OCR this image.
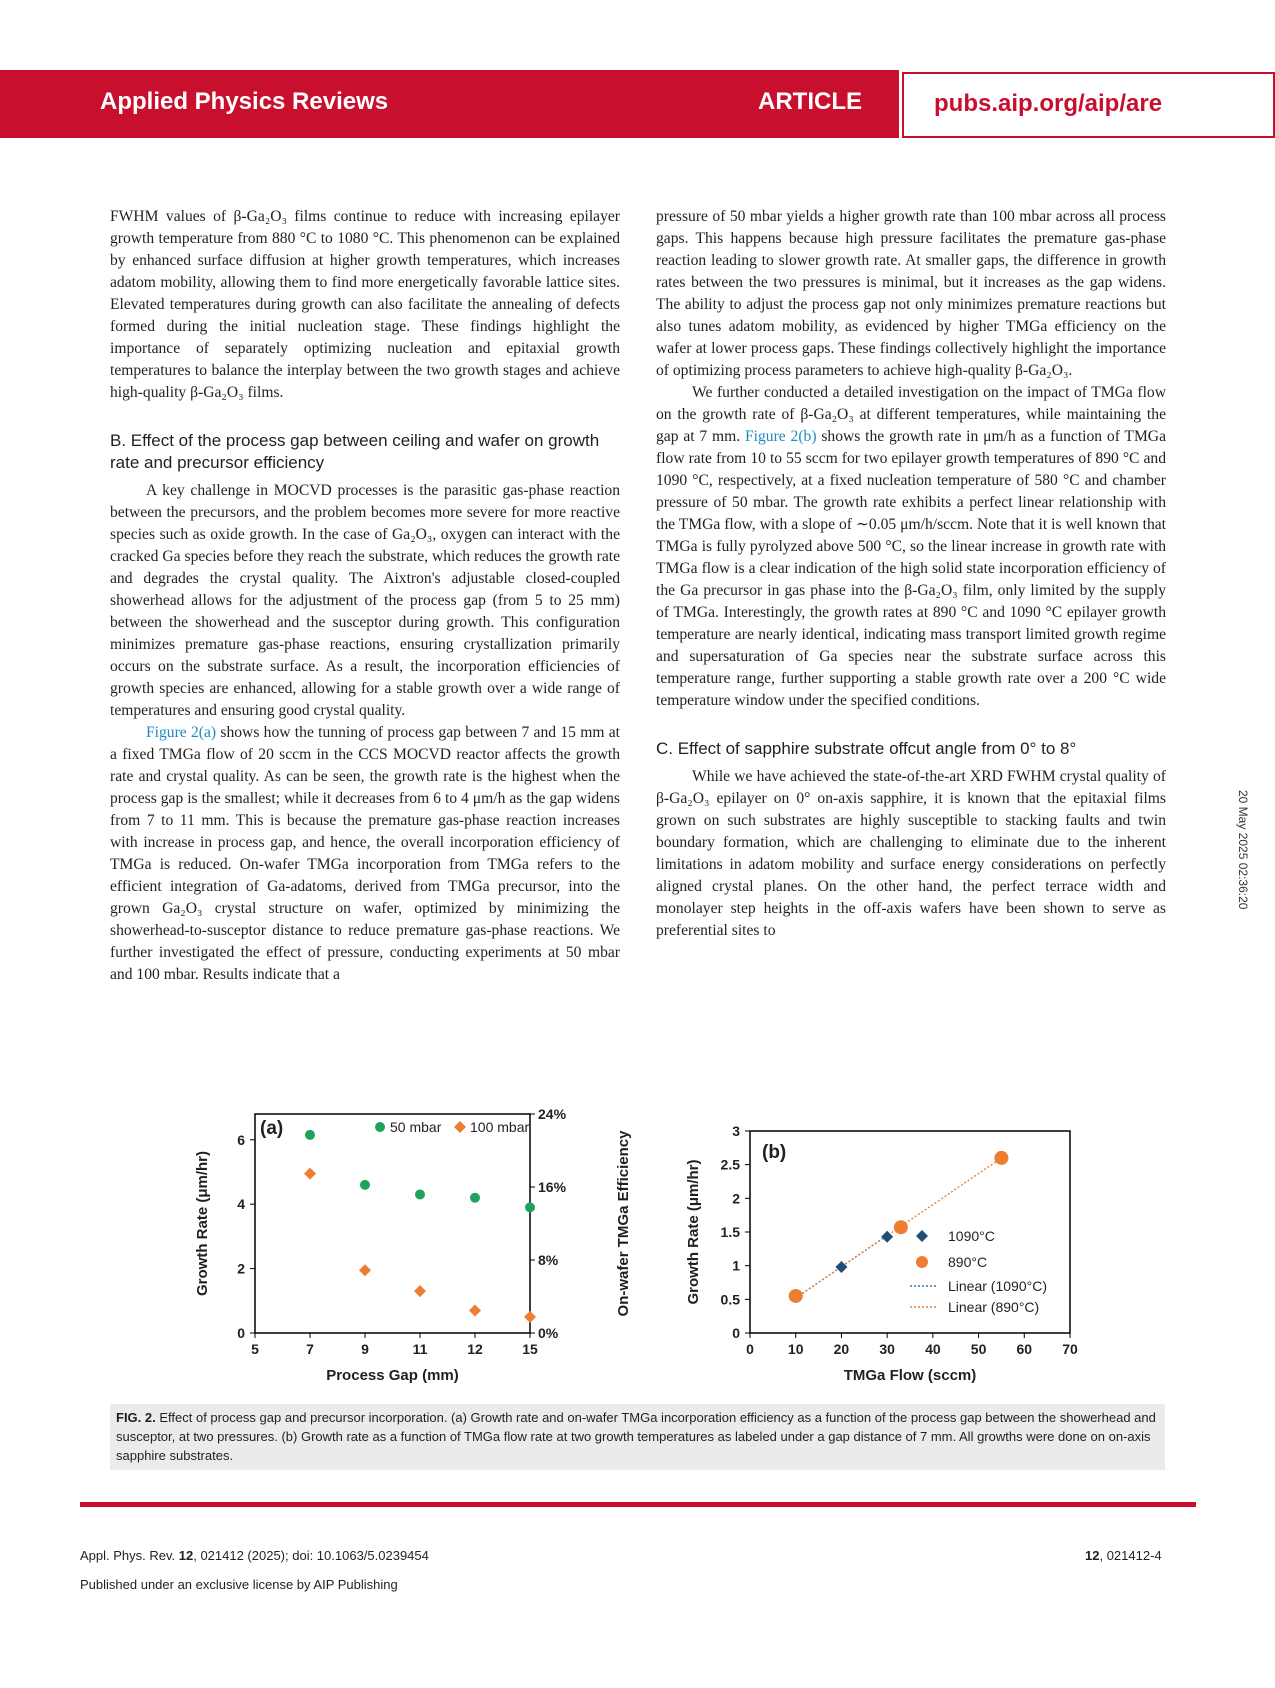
Applied Physics Reviews	ARTICLE	pubs.aip.org/aip/are

FWHM values of β-Ga₂O₃ films continue to reduce with increasing epilayer growth temperature from 880 °C to 1080 °C. This phenomenon can be explained by enhanced surface diffusion at higher growth temperatures, which increases adatom mobility, allowing them to find more energetically favorable lattice sites. Elevated temperatures during growth can also facilitate the annealing of defects formed during the initial nucleation stage. These findings highlight the importance of separately optimizing nucleation and epitaxial growth temperatures to balance the interplay between the two growth stages and achieve high-quality β-Ga₂O₃ films.

B. Effect of the process gap between ceiling and wafer on growth rate and precursor efficiency

A key challenge in MOCVD processes is the parasitic gas-phase reaction between the precursors, and the problem becomes more severe for more reactive species such as oxide growth. In the case of Ga₂O₃, oxygen can interact with the cracked Ga species before they reach the substrate, which reduces the growth rate and degrades the crystal quality. The Aixtron's adjustable closed-coupled showerhead allows for the adjustment of the process gap (from 5 to 25 mm) between the showerhead and the susceptor during growth. This configuration minimizes premature gas-phase reactions, ensuring crystallization primarily occurs on the substrate surface. As a result, the incorporation efficiencies of growth species are enhanced, allowing for a stable growth over a wide range of temperatures and ensuring good crystal quality.

Figure 2(a) shows how the tunning of process gap between 7 and 15 mm at a fixed TMGa flow of 20 sccm in the CCS MOCVD reactor affects the growth rate and crystal quality. As can be seen, the growth rate is the highest when the process gap is the smallest; while it decreases from 6 to 4 μm/h as the gap widens from 7 to 11 mm. This is because the premature gas-phase reaction increases with increase in process gap, and hence, the overall incorporation efficiency of TMGa is reduced. On-wafer TMGa incorporation from TMGa refers to the efficient integration of Ga-adatoms, derived from TMGa precursor, into the grown Ga₂O₃ crystal structure on wafer, optimized by minimizing the showerhead-to-susceptor distance to reduce premature gas-phase reactions. We further investigated the effect of pressure, conducting experiments at 50 mbar and 100 mbar. Results indicate that a

pressure of 50 mbar yields a higher growth rate than 100 mbar across all process gaps. This happens because high pressure facilitates the premature gas-phase reaction leading to slower growth rate. At smaller gaps, the difference in growth rates between the two pressures is minimal, but it increases as the gap widens. The ability to adjust the process gap not only minimizes premature reactions but also tunes adatom mobility, as evidenced by higher TMGa efficiency on the wafer at lower process gaps. These findings collectively highlight the importance of optimizing process parameters to achieve high-quality β-Ga₂O₃.

We further conducted a detailed investigation on the impact of TMGa flow on the growth rate of β-Ga₂O₃ at different temperatures, while maintaining the gap at 7 mm. Figure 2(b) shows the growth rate in μm/h as a function of TMGa flow rate from 10 to 55 sccm for two epilayer growth temperatures of 890 °C and 1090 °C, respectively, at a fixed nucleation temperature of 580 °C and chamber pressure of 50 mbar. The growth rate exhibits a perfect linear relationship with the TMGa flow, with a slope of ∼0.05 μm/h/sccm. Note that it is well known that TMGa is fully pyrolyzed above 500 °C, so the linear increase in growth rate with TMGa flow is a clear indication of the high solid state incorporation efficiency of the Ga precursor in gas phase into the β-Ga₂O₃ film, only limited by the supply of TMGa. Interestingly, the growth rates at 890 °C and 1090 °C epilayer growth temperature are nearly identical, indicating mass transport limited growth regime and supersaturation of Ga species near the substrate surface across this temperature range, further supporting a stable growth rate over a 200 °C wide temperature window under the specified conditions.

C. Effect of sapphire substrate offcut angle from 0° to 8°

While we have achieved the state-of-the-art XRD FWHM crystal quality of β-Ga₂O₃ epilayer on 0° on-axis sapphire, it is known that the epitaxial films grown on such substrates are highly susceptible to stacking faults and twin boundary formation, which are challenging to eliminate due to the inherent limitations in adatom mobility and surface energy considerations on perfectly aligned crystal planes. On the other hand, the perfect terrace width and monolayer step heights in the off-axis wafers have been shown to serve as preferential sites to

20 May 2025 02:36:20
5	7	9	11	12	15
0
2
4
6
0%
8%
16%
24%
Process Gap (mm)
Growth Rate (μm/hr)	On-wafer TMGa Efficiency
(a)	50 mbar 100 mbar
0 10 20 30 40 50 60 70
0
0.5
1
1.5
2
2.5
3
TMGa Flow (sccm)
Growth Rate (μm/hr)
(b)
1090°C
890°C
Linear (1090°C)
Linear (890°C)
FIG. 2. Effect of process gap and precursor incorporation. (a) Growth rate and on-wafer TMGa incorporation efficiency as a function of the process gap between the showerhead and susceptor, at two pressures. (b) Growth rate as a function of TMGa flow rate at two growth temperatures as labeled under a gap distance of 7 mm. All growths were done on on-axis sapphire substrates.
Appl. Phys. Rev. 12, 021412 (2025); doi: 10.1063/5.0239454	12, 021412-4
Published under an exclusive license by AIP Publishing
